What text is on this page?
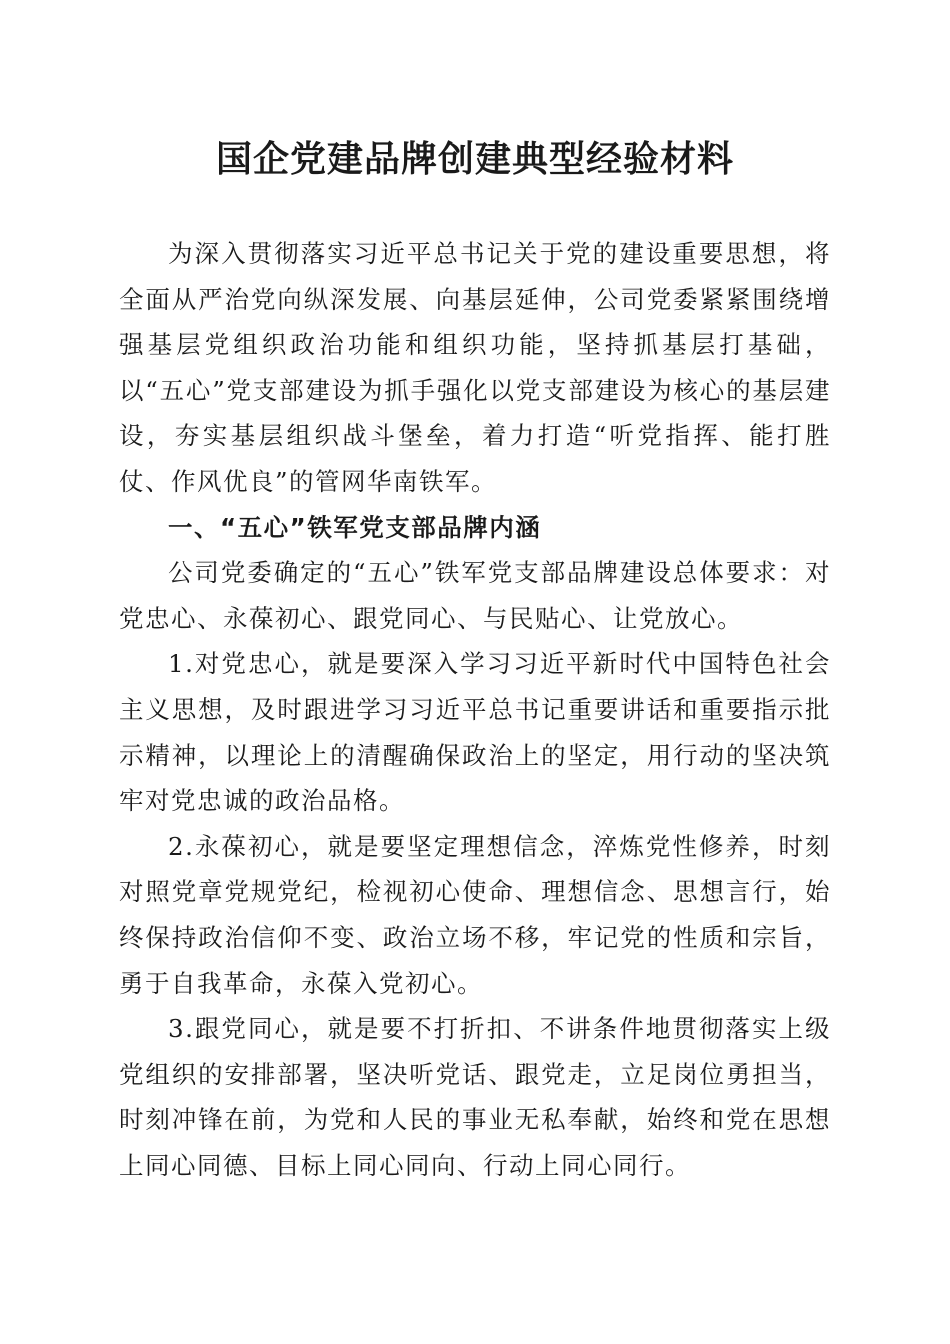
国企党建品牌创建典型经验材料

为深入贯彻落实习近平总书记关于党的建设重要思想，将全面从严治党向纵深发展、向基层延伸，公司党委紧紧围绕增强基层党组织政治功能和组织功能，坚持抓基层打基础，以“五心”党支部建设为抓手强化以党支部建设为核心的基层建设，夯实基层组织战斗堡垒，着力打造“听党指挥、能打胜仗、作风优良”的管网华南铁军。

一、“五心”铁军党支部品牌内涵

公司党委确定的“五心”铁军党支部品牌建设总体要求：对党忠心、永葆初心、跟党同心、与民贴心、让党放心。

1.对党忠心，就是要深入学习习近平新时代中国特色社会主义思想，及时跟进学习习近平总书记重要讲话和重要指示批示精神，以理论上的清醒确保政治上的坚定，用行动的坚决筑牢对党忠诚的政治品格。

2.永葆初心，就是要坚定理想信念，淬炼党性修养，时刻对照党章党规党纪，检视初心使命、理想信念、思想言行，始终保持政治信仰不变、政治立场不移，牢记党的性质和宗旨，勇于自我革命，永葆入党初心。

3.跟党同心，就是要不打折扣、不讲条件地贯彻落实上级党组织的安排部署，坚决听党话、跟党走，立足岗位勇担当，时刻冲锋在前，为党和人民的事业无私奉献，始终和党在思想上同心同德、目标上同心同向、行动上同心同行。
